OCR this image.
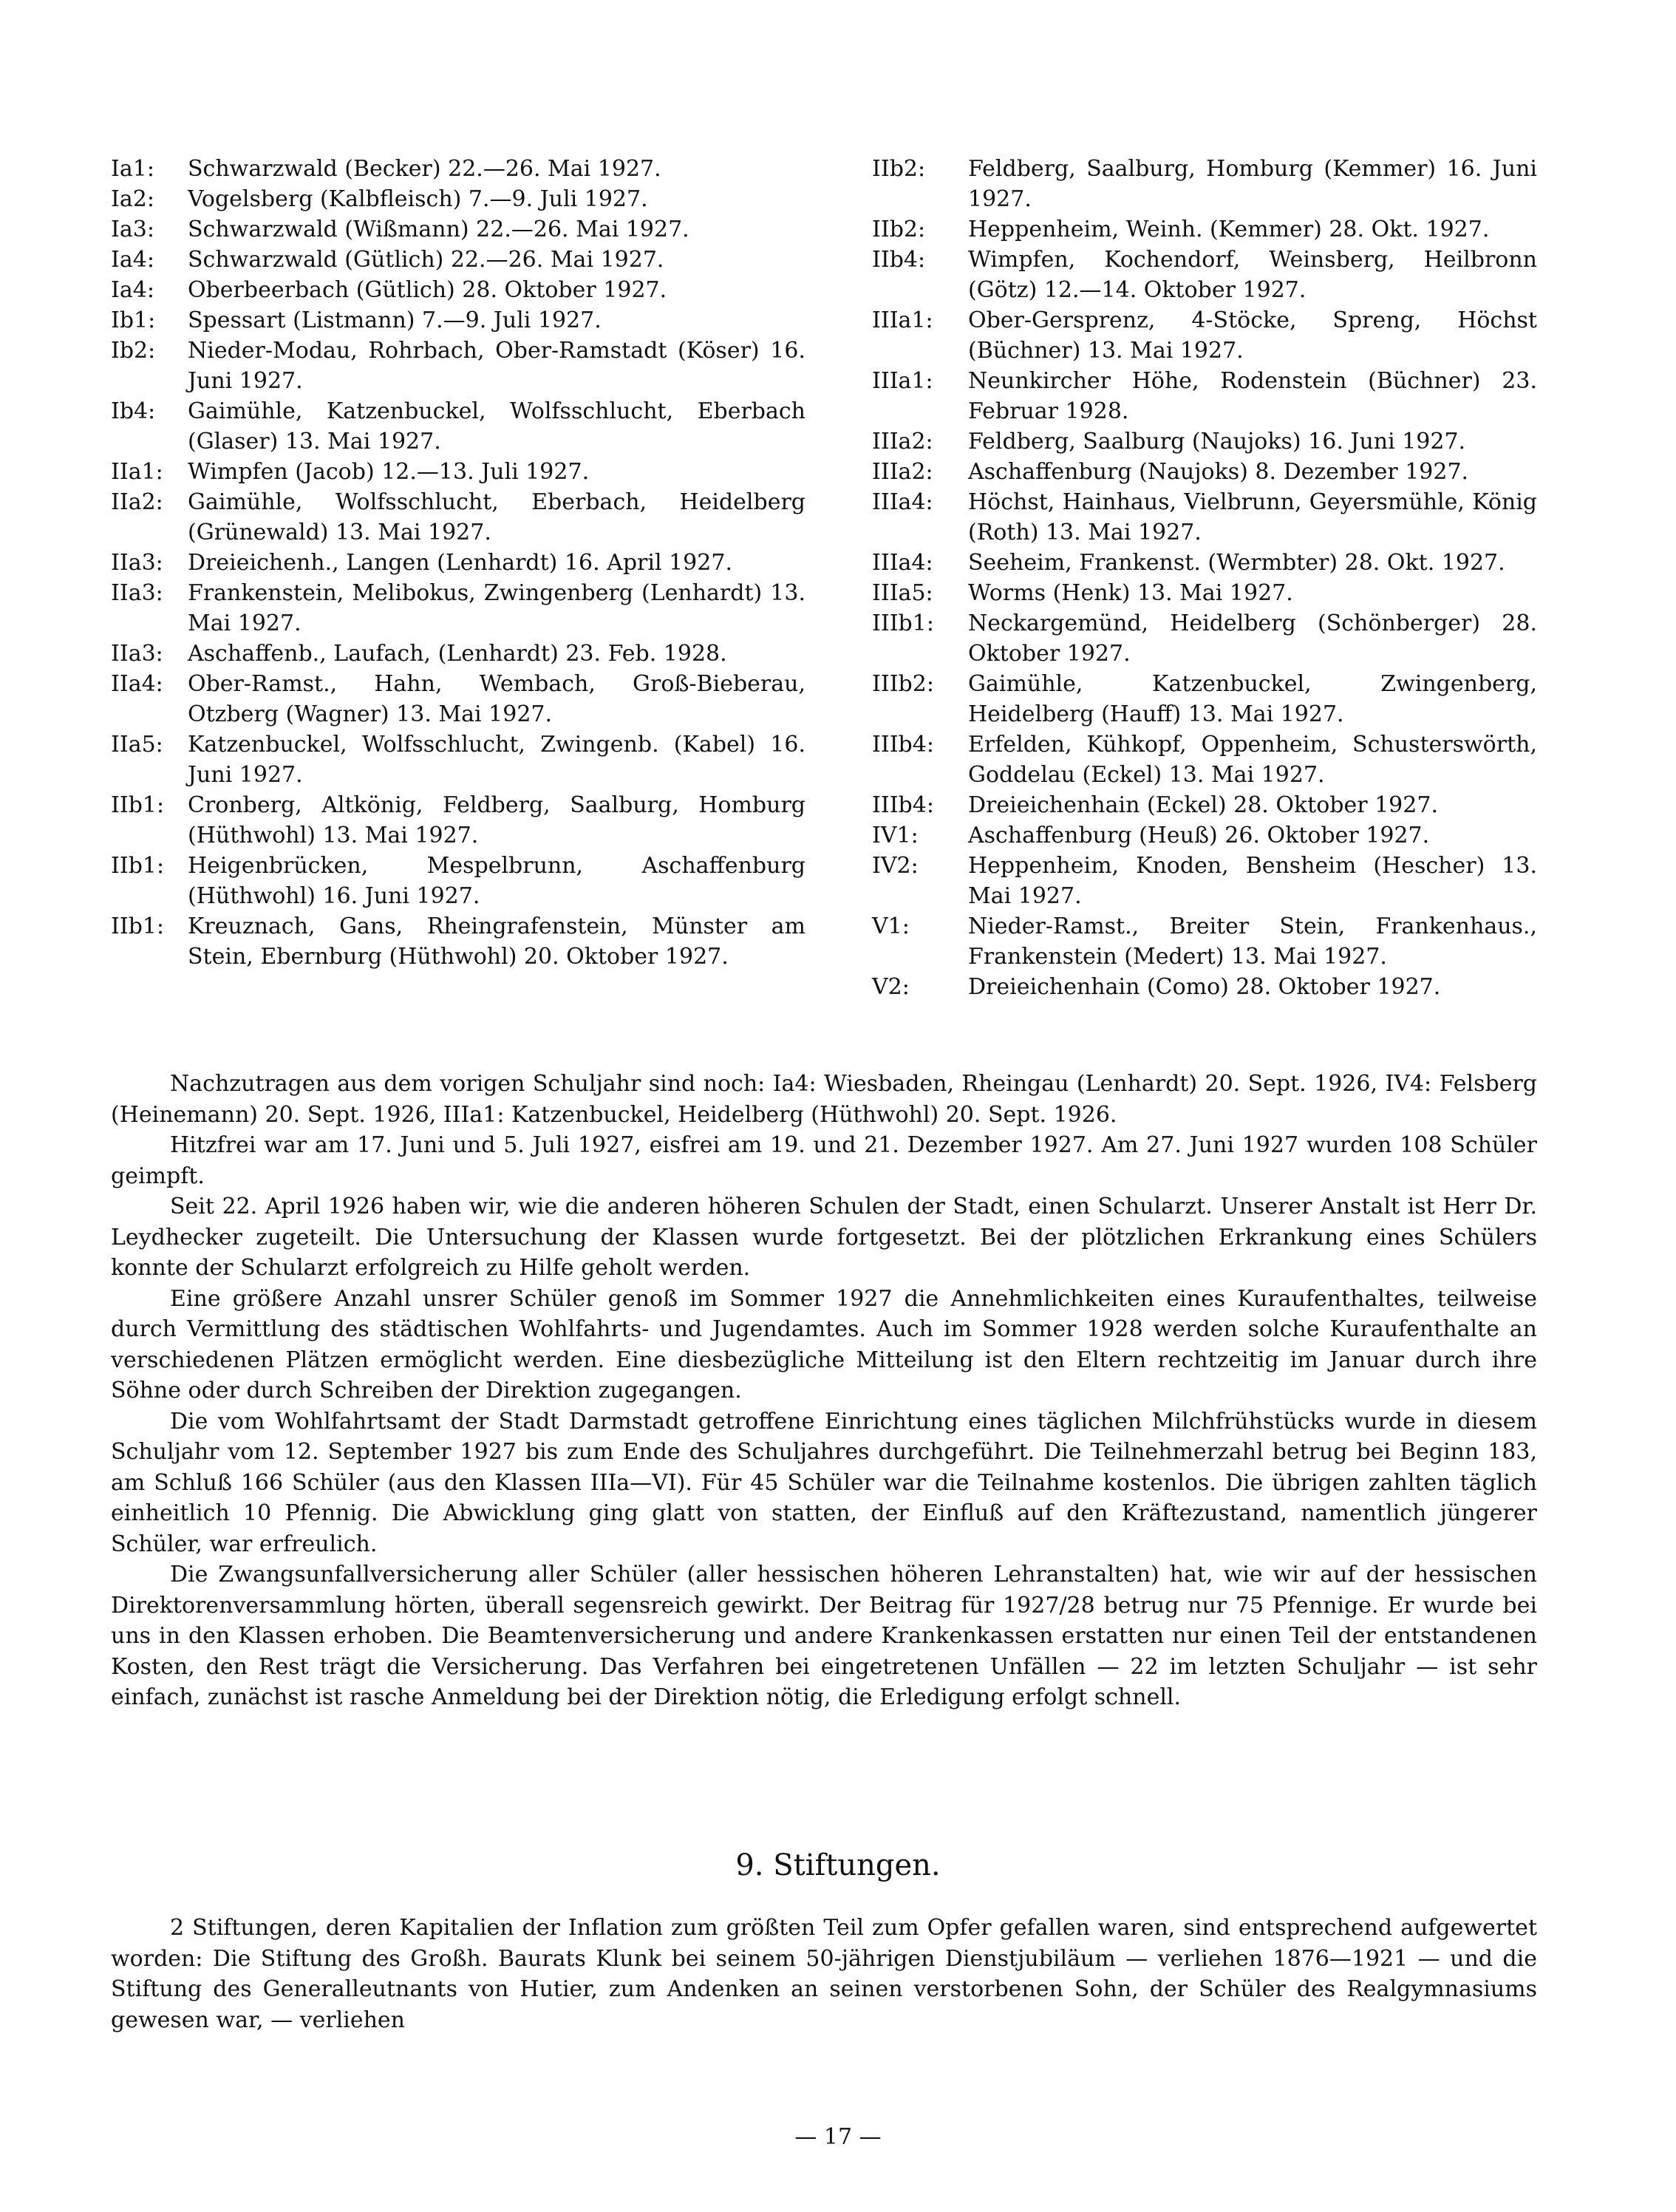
Ia1:	Schwarzwald (Becker) 22.—26. Mai 1927.
Ia2:	Vogelsberg (Kalbfleisch) 7.—9. Juli 1927.
Ia3:	Schwarzwald (Wißmann) 22.—26. Mai 1927.
Ia4:	Schwarzwald (Gütlich) 22.—26. Mai 1927.
Ia4:	Oberbeerbach (Gütlich) 28. Oktober 1927.
Ib1:	Spessart (Listmann) 7.—9. Juli 1927.
Ib2:	Nieder-Modau, Rohrbach, Ober-Ramstadt (Köser) 16. Juni 1927.
Ib4:	Gaimühle, Katzenbuckel, Wolfsschlucht, Eberbach (Glaser) 13. Mai 1927.
IIa1:	Wimpfen (Jacob) 12.—13. Juli 1927.
IIa2:	Gaimühle, Wolfsschlucht, Eberbach, Heidelberg (Grünewald) 13. Mai 1927.
IIa3:	Dreieichenh., Langen (Lenhardt) 16. April 1927.
IIa3:	Frankenstein, Melibokus, Zwingenberg (Lenhardt) 13. Mai 1927.
IIa3:	Aschaffenb., Laufach, (Lenhardt) 23. Feb. 1928.
IIa4:	Ober-Ramst., Hahn, Wembach, Groß-Bieberau, Otzberg (Wagner) 13. Mai 1927.
IIa5:	Katzenbuckel, Wolfsschlucht, Zwingenb. (Kabel) 16. Juni 1927.
IIb1:	Cronberg, Altkönig, Feldberg, Saalburg, Homburg (Hüthwohl) 13. Mai 1927.
IIb1:	Heigenbrücken, Mespelbrunn, Aschaffenburg (Hüthwohl) 16. Juni 1927.
IIb1:	Kreuznach, Gans, Rheingrafenstein, Münster am Stein, Ebernburg (Hüthwohl) 20. Oktober 1927.
IIb2:	Feldberg, Saalburg, Homburg (Kemmer) 16. Juni 1927.
IIb2:	Heppenheim, Weinh. (Kemmer) 28. Okt. 1927.
IIb4:	Wimpfen, Kochendorf, Weinsberg, Heilbronn (Götz) 12.—14. Oktober 1927.
IIIa1:	Ober-Gersprenz, 4-Stöcke, Spreng, Höchst (Büchner) 13. Mai 1927.
IIIa1:	Neunkircher Höhe, Rodenstein (Büchner) 23. Februar 1928.
IIIa2:	Feldberg, Saalburg (Naujoks) 16. Juni 1927.
IIIa2:	Aschaffenburg (Naujoks) 8. Dezember 1927.
IIIa4:	Höchst, Hainhaus, Vielbrunn, Geyersmühle, König (Roth) 13. Mai 1927.
IIIa4:	Seeheim, Frankenst. (Wermbter) 28. Okt. 1927.
IIIa5:	Worms (Henk) 13. Mai 1927.
IIIb1:	Neckargemünd, Heidelberg (Schönberger) 28. Oktober 1927.
IIIb2:	Gaimühle, Katzenbuckel, Zwingenberg, Heidelberg (Hauff) 13. Mai 1927.
IIIb4:	Erfelden, Kühkopf, Oppenheim, Schusterswörth, Goddelau (Eckel) 13. Mai 1927.
IIIb4:	Dreieichenhain (Eckel) 28. Oktober 1927.
IV1:	Aschaffenburg (Heuß) 26. Oktober 1927.
IV2:	Heppenheim, Knoden, Bensheim (Hescher) 13. Mai 1927.
V1:	Nieder-Ramst., Breiter Stein, Frankenhaus., Frankenstein (Medert) 13. Mai 1927.
V2:	Dreieichenhain (Como) 28. Oktober 1927.

Nachzutragen aus dem vorigen Schuljahr sind noch: Ia4: Wiesbaden, Rheingau (Lenhardt) 20. Sept. 1926, IV4: Felsberg (Heinemann) 20. Sept. 1926, IIIa1: Katzenbuckel, Heidelberg (Hüthwohl) 20. Sept. 1926.

Hitzfrei war am 17. Juni und 5. Juli 1927, eisfrei am 19. und 21. Dezember 1927. Am 27. Juni 1927 wurden 108 Schüler geimpft.

Seit 22. April 1926 haben wir, wie die anderen höheren Schulen der Stadt, einen Schularzt. Unserer Anstalt ist Herr Dr. Leydhecker zugeteilt. Die Untersuchung der Klassen wurde fortgesetzt. Bei der plötzlichen Erkrankung eines Schülers konnte der Schularzt erfolgreich zu Hilfe geholt werden.

Eine größere Anzahl unsrer Schüler genoß im Sommer 1927 die Annehmlichkeiten eines Kuraufenthaltes, teilweise durch Vermittlung des städtischen Wohlfahrts- und Jugendamtes. Auch im Sommer 1928 werden solche Kuraufenthalte an verschiedenen Plätzen ermöglicht werden. Eine diesbezügliche Mitteilung ist den Eltern rechtzeitig im Januar durch ihre Söhne oder durch Schreiben der Direktion zugegangen.

Die vom Wohlfahrtsamt der Stadt Darmstadt getroffene Einrichtung eines täglichen Milchfrühstücks wurde in diesem Schuljahr vom 12. September 1927 bis zum Ende des Schuljahres durchgeführt. Die Teilnehmerzahl betrug bei Beginn 183, am Schluß 166 Schüler (aus den Klassen IIIa—VI). Für 45 Schüler war die Teilnahme kostenlos. Die übrigen zahlten täglich einheitlich 10 Pfennig. Die Abwicklung ging glatt von statten, der Einfluß auf den Kräftezustand, namentlich jüngerer Schüler, war erfreulich.

Die Zwangsunfallversicherung aller Schüler (aller hessischen höheren Lehranstalten) hat, wie wir auf der hessischen Direktorenversammlung hörten, überall segensreich gewirkt. Der Beitrag für 1927/28 betrug nur 75 Pfennige. Er wurde bei uns in den Klassen erhoben. Die Beamtenversicherung und andere Krankenkassen erstatten nur einen Teil der entstandenen Kosten, den Rest trägt die Versicherung. Das Verfahren bei eingetretenen Unfällen — 22 im letzten Schuljahr — ist sehr einfach, zunächst ist rasche Anmeldung bei der Direktion nötig, die Erledigung erfolgt schnell.

9. Stiftungen.

2 Stiftungen, deren Kapitalien der Inflation zum größten Teil zum Opfer gefallen waren, sind entsprechend aufgewertet worden: Die Stiftung des Großh. Baurats Klunk bei seinem 50-jährigen Dienstjubiläum — verliehen 1876—1921 — und die Stiftung des Generalleutnants von Hutier, zum Andenken an seinen verstorbenen Sohn, der Schüler des Realgymnasiums gewesen war, — verliehen

— 17 —
